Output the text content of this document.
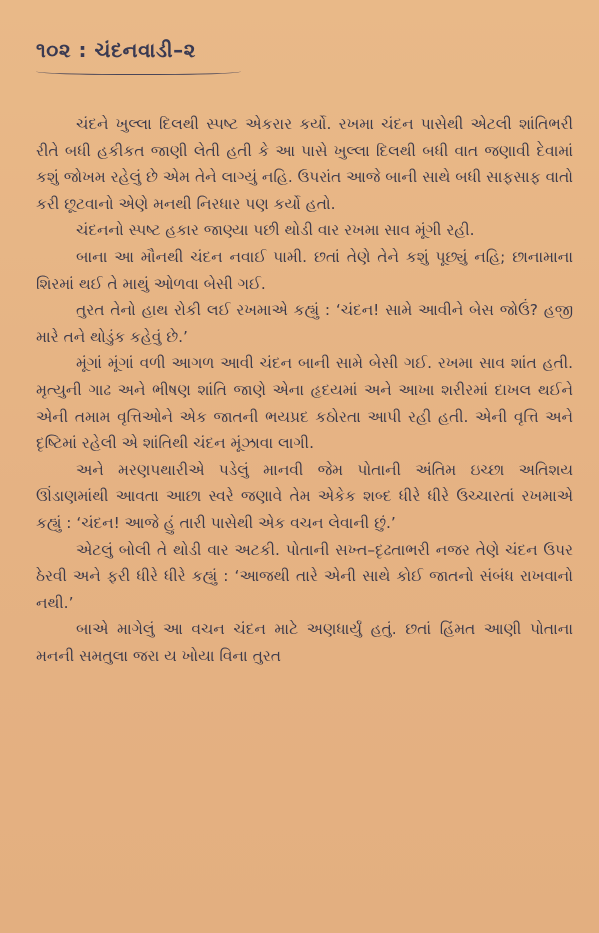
૧૦૨ : ચંદનવાડી–૨

ચંદને ખુલ્લા દિલથી સ્પષ્ટ એકરાર કર્યો. રખમા ચંદન પાસેથી એટલી શાંતિભરી રીતે બધી હકીકત જાણી લેતી હતી કે આ પાસે ખુલ્લા દિલથી બધી વાત જણાવી દેવામાં કશું જોખમ રહેલું છે એમ તેને લાગ્યું નહિ. ઉપરાંત આજે બાની સાથે બધી સાફસાફ વાતો કરી છૂટવાનો એણે મનથી નિરધાર પણ કર્યો હતો.

ચંદનનો સ્પષ્ટ હકાર જાણ્યા પછી થોડી વાર રખમા સાવ મૂંગી રહી.

બાના આ મૌનથી ચંદન નવાઈ પામી. છતાં તેણે તેને કશું પૂછ્યું નહિ; છાનામાના શિરમાં થઈ તે માથું ઓળવા બેસી ગઈ.

તુરત તેનો હાથ રોકી લઈ રખમાએ કહ્યું : ‘ચંદન! સામે આવીને બેસ જોઉં? હજી મારે તને થોડુંક કહેવું છે.’

મૂંગાં મૂંગાં વળી આગળ આવી ચંદન બાની સામે બેસી ગઈ. રખમા સાવ શાંત હતી. મૃત્યુની ગાઢ અને ભીષણ શાંતિ જાણે એના હૃદયમાં અને આખા શરીરમાં દાખલ થઈને એની તમામ વૃત્તિઓને એક જાતની ભયપ્રદ કઠોરતા આપી રહી હતી. એની વૃત્તિ અને દૃષ્ટિમાં રહેલી એ શાંતિથી ચંદન મૂંઝાવા લાગી.

અને મરણપથારીએ પડેલું માનવી જેમ પોતાની અંતિમ ઇચ્છા અતિશય ઊંડાણમાંથી આવતા આછા સ્વરે જણાવે તેમ એકેક શબ્દ ધીરે ધીરે ઉચ્ચારતાં રખમાએ કહ્યું : ‘ચંદન! આજે હું તારી પાસેથી એક વચન લેવાની છું.’

એટલું બોલી તે થોડી વાર અટકી. પોતાની સખ્ત–દૃઢતાભરી નજર તેણે ચંદન ઉપર ઠેરવી અને ફરી ધીરે ધીરે કહ્યું : ‘આજથી તારે એની સાથે કોઈ જાતનો સંબંધ રાખવાનો નથી.’

બાએ માગેલું આ વચન ચંદન માટે અણધાર્યું હતું. છતાં હિંમત આણી પોતાના મનની સમતુલા જરા ય ખોયા વિના તુરત
